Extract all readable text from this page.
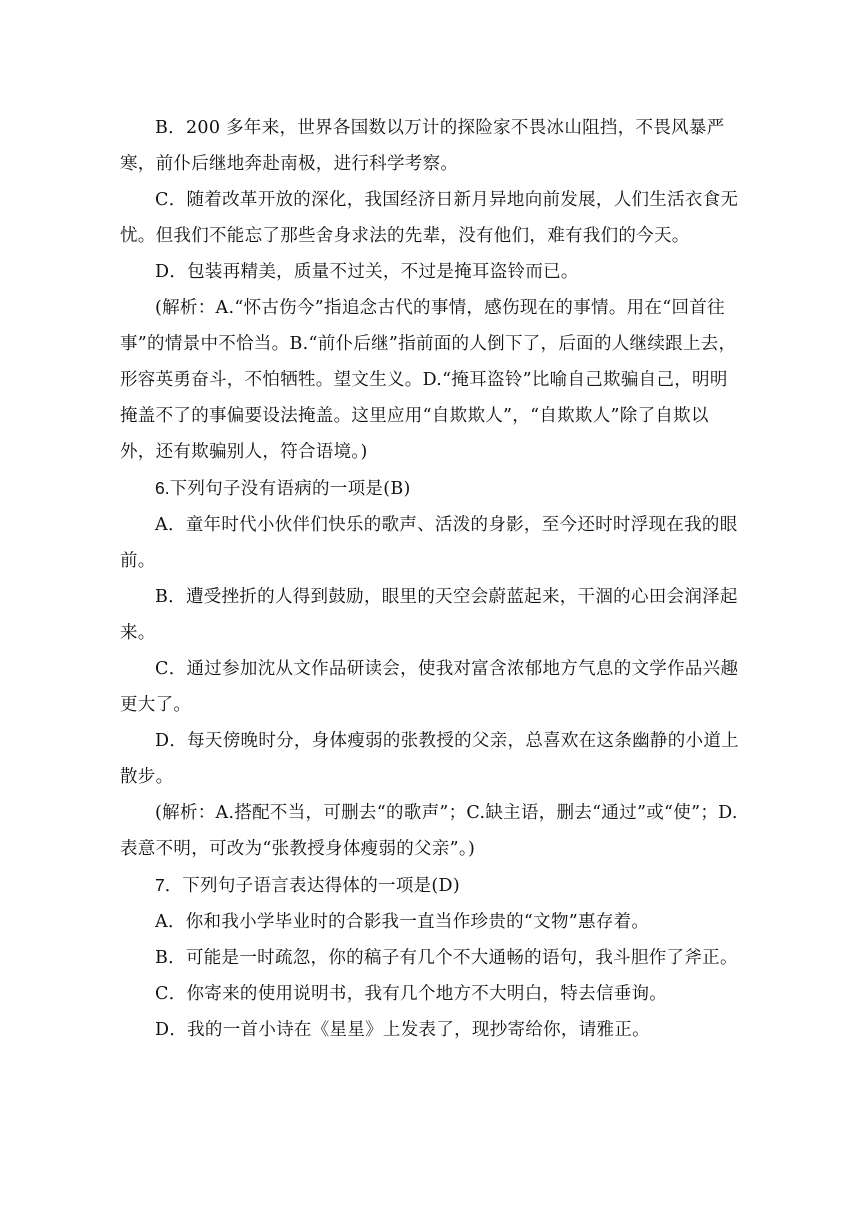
B．200 多年来，世界各国数以万计的探险家不畏冰山阻挡，不畏风暴严寒，前仆后继地奔赴南极，进行科学考察。

C．随着改革开放的深化，我国经济日新月异地向前发展，人们生活衣食无忧。但我们不能忘了那些舍身求法的先辈，没有他们，难有我们的今天。

D．包装再精美，质量不过关，不过是掩耳盗铃而已。

(解析：A.“怀古伤今”指追念古代的事情，感伤现在的事情。用在“回首往事”的情景中不恰当。B.“前仆后继”指前面的人倒下了，后面的人继续跟上去，形容英勇奋斗，不怕牺牲。望文生义。D.“掩耳盗铃”比喻自己欺骗自己，明明掩盖不了的事偏要设法掩盖。这里应用“自欺欺人”，“自欺欺人”除了自欺以外，还有欺骗别人，符合语境。)

6.下列句子没有语病的一项是(B)

A．童年时代小伙伴们快乐的歌声、活泼的身影，至今还时时浮现在我的眼前。

B．遭受挫折的人得到鼓励，眼里的天空会蔚蓝起来，干涸的心田会润泽起来。

C．通过参加沈从文作品研读会，使我对富含浓郁地方气息的文学作品兴趣更大了。

D．每天傍晚时分，身体瘦弱的张教授的父亲，总喜欢在这条幽静的小道上散步。

(解析：A.搭配不当，可删去“的歌声”；C.缺主语，删去“通过”或“使”；D.表意不明，可改为“张教授身体瘦弱的父亲”。)

7．下列句子语言表达得体的一项是(D)

A．你和我小学毕业时的合影我一直当作珍贵的“文物”惠存着。

B．可能是一时疏忽，你的稿子有几个不大通畅的语句，我斗胆作了斧正。

C．你寄来的使用说明书，我有几个地方不大明白，特去信垂询。

D．我的一首小诗在《星星》上发表了，现抄寄给你，请雅正。
